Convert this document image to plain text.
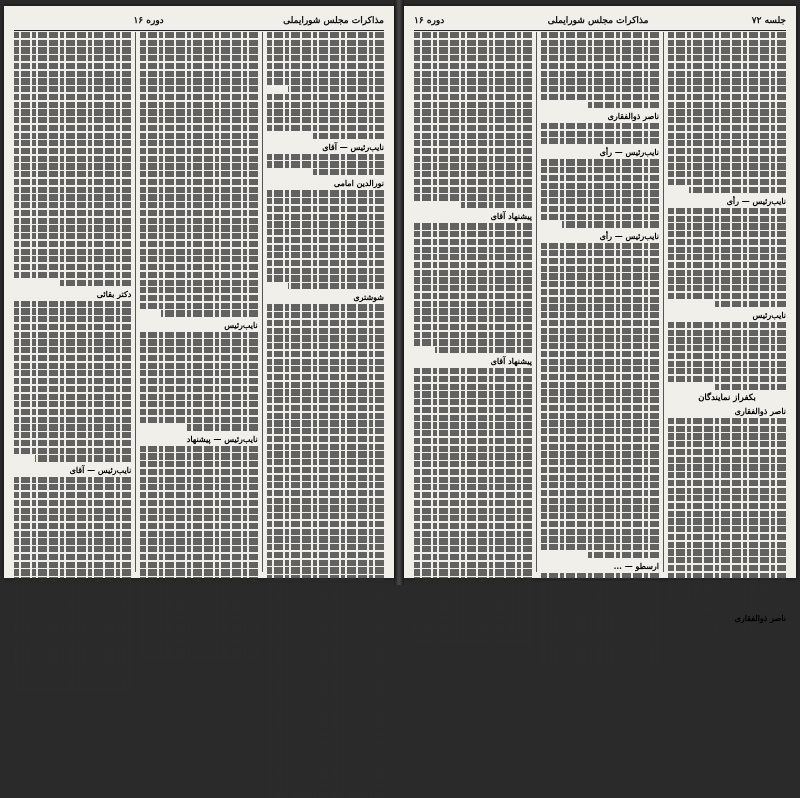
مذاکرات مجلس شورایملی
دوره ۱۶
نایب‌رئیس — آقای
نورالدین امامی
شوشتری
نایب‌رئیس
نایب‌رئیس — پیشنهاد
دکتر بقائی
نایب‌رئیس — آقای
جلسه ۷۲
مذاکرات مجلس شورایملی
دوره ۱۶
نایب‌رئیس — رأی
نایب‌رئیس
بکفراز نمایندگان
ناصر ذوالفقاری
ناصر ذوالفقاری
ناصر ذوالفقاری
نایب‌رئیس — رأی
نایب‌رئیس — رأی
ارسطو — ...
پیشنهاد آقای
پیشنهاد آقای
